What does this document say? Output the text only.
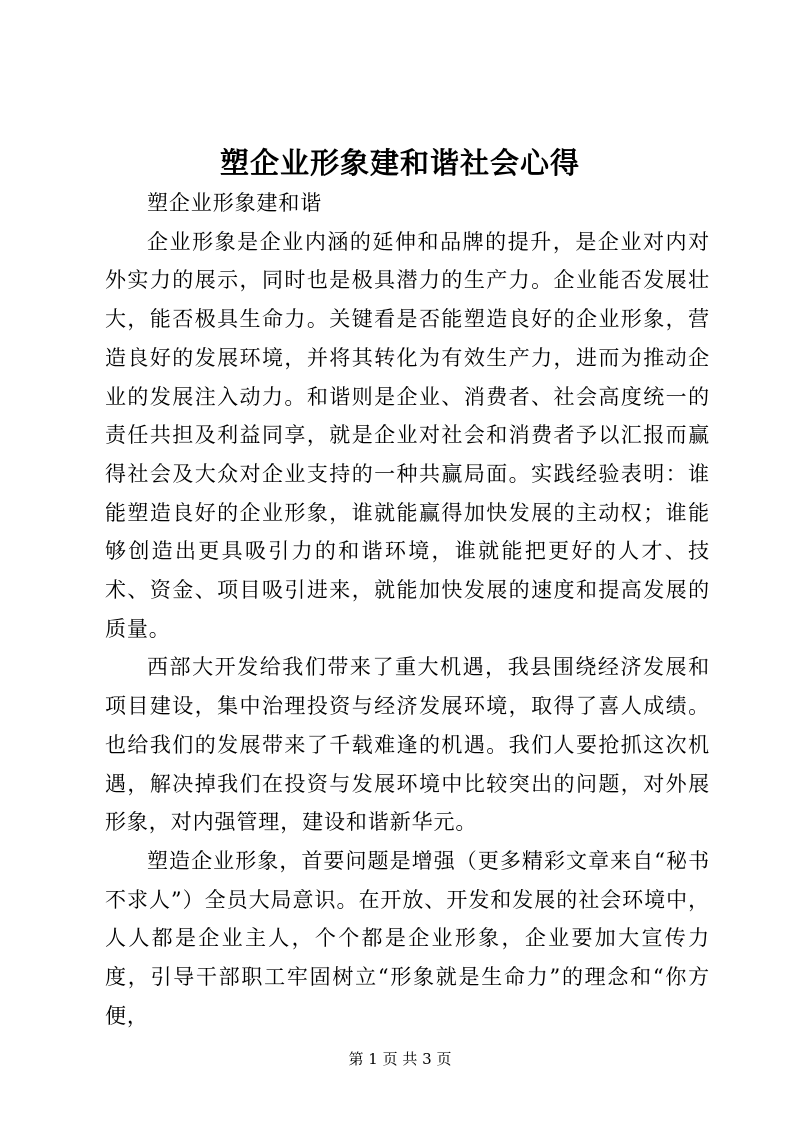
塑企业形象建和谐社会心得

塑企业形象建和谐

企业形象是企业内涵的延伸和品牌的提升，是企业对内对外实力的展示，同时也是极具潜力的生产力。企业能否发展壮大，能否极具生命力。关键看是否能塑造良好的企业形象，营造良好的发展环境，并将其转化为有效生产力，进而为推动企业的发展注入动力。和谐则是企业、消费者、社会高度统一的责任共担及利益同享，就是企业对社会和消费者予以汇报而赢得社会及大众对企业支持的一种共赢局面。实践经验表明：谁能塑造良好的企业形象，谁就能赢得加快发展的主动权；谁能够创造出更具吸引力的和谐环境，谁就能把更好的人才、技术、资金、项目吸引进来，就能加快发展的速度和提高发展的质量。

西部大开发给我们带来了重大机遇，我县围绕经济发展和项目建设，集中治理投资与经济发展环境，取得了喜人成绩。也给我们的发展带来了千载难逢的机遇。我们人要抢抓这次机遇，解决掉我们在投资与发展环境中比较突出的问题，对外展形象，对内强管理，建设和谐新华元。

塑造企业形象，首要问题是增强（更多精彩文章来自“秘书不求人”）全员大局意识。在开放、开发和发展的社会环境中，人人都是企业主人，个个都是企业形象，企业要加大宣传力度，引导干部职工牢固树立“形象就是生命力”的理念和“你方便，

第 1 页 共 3 页
